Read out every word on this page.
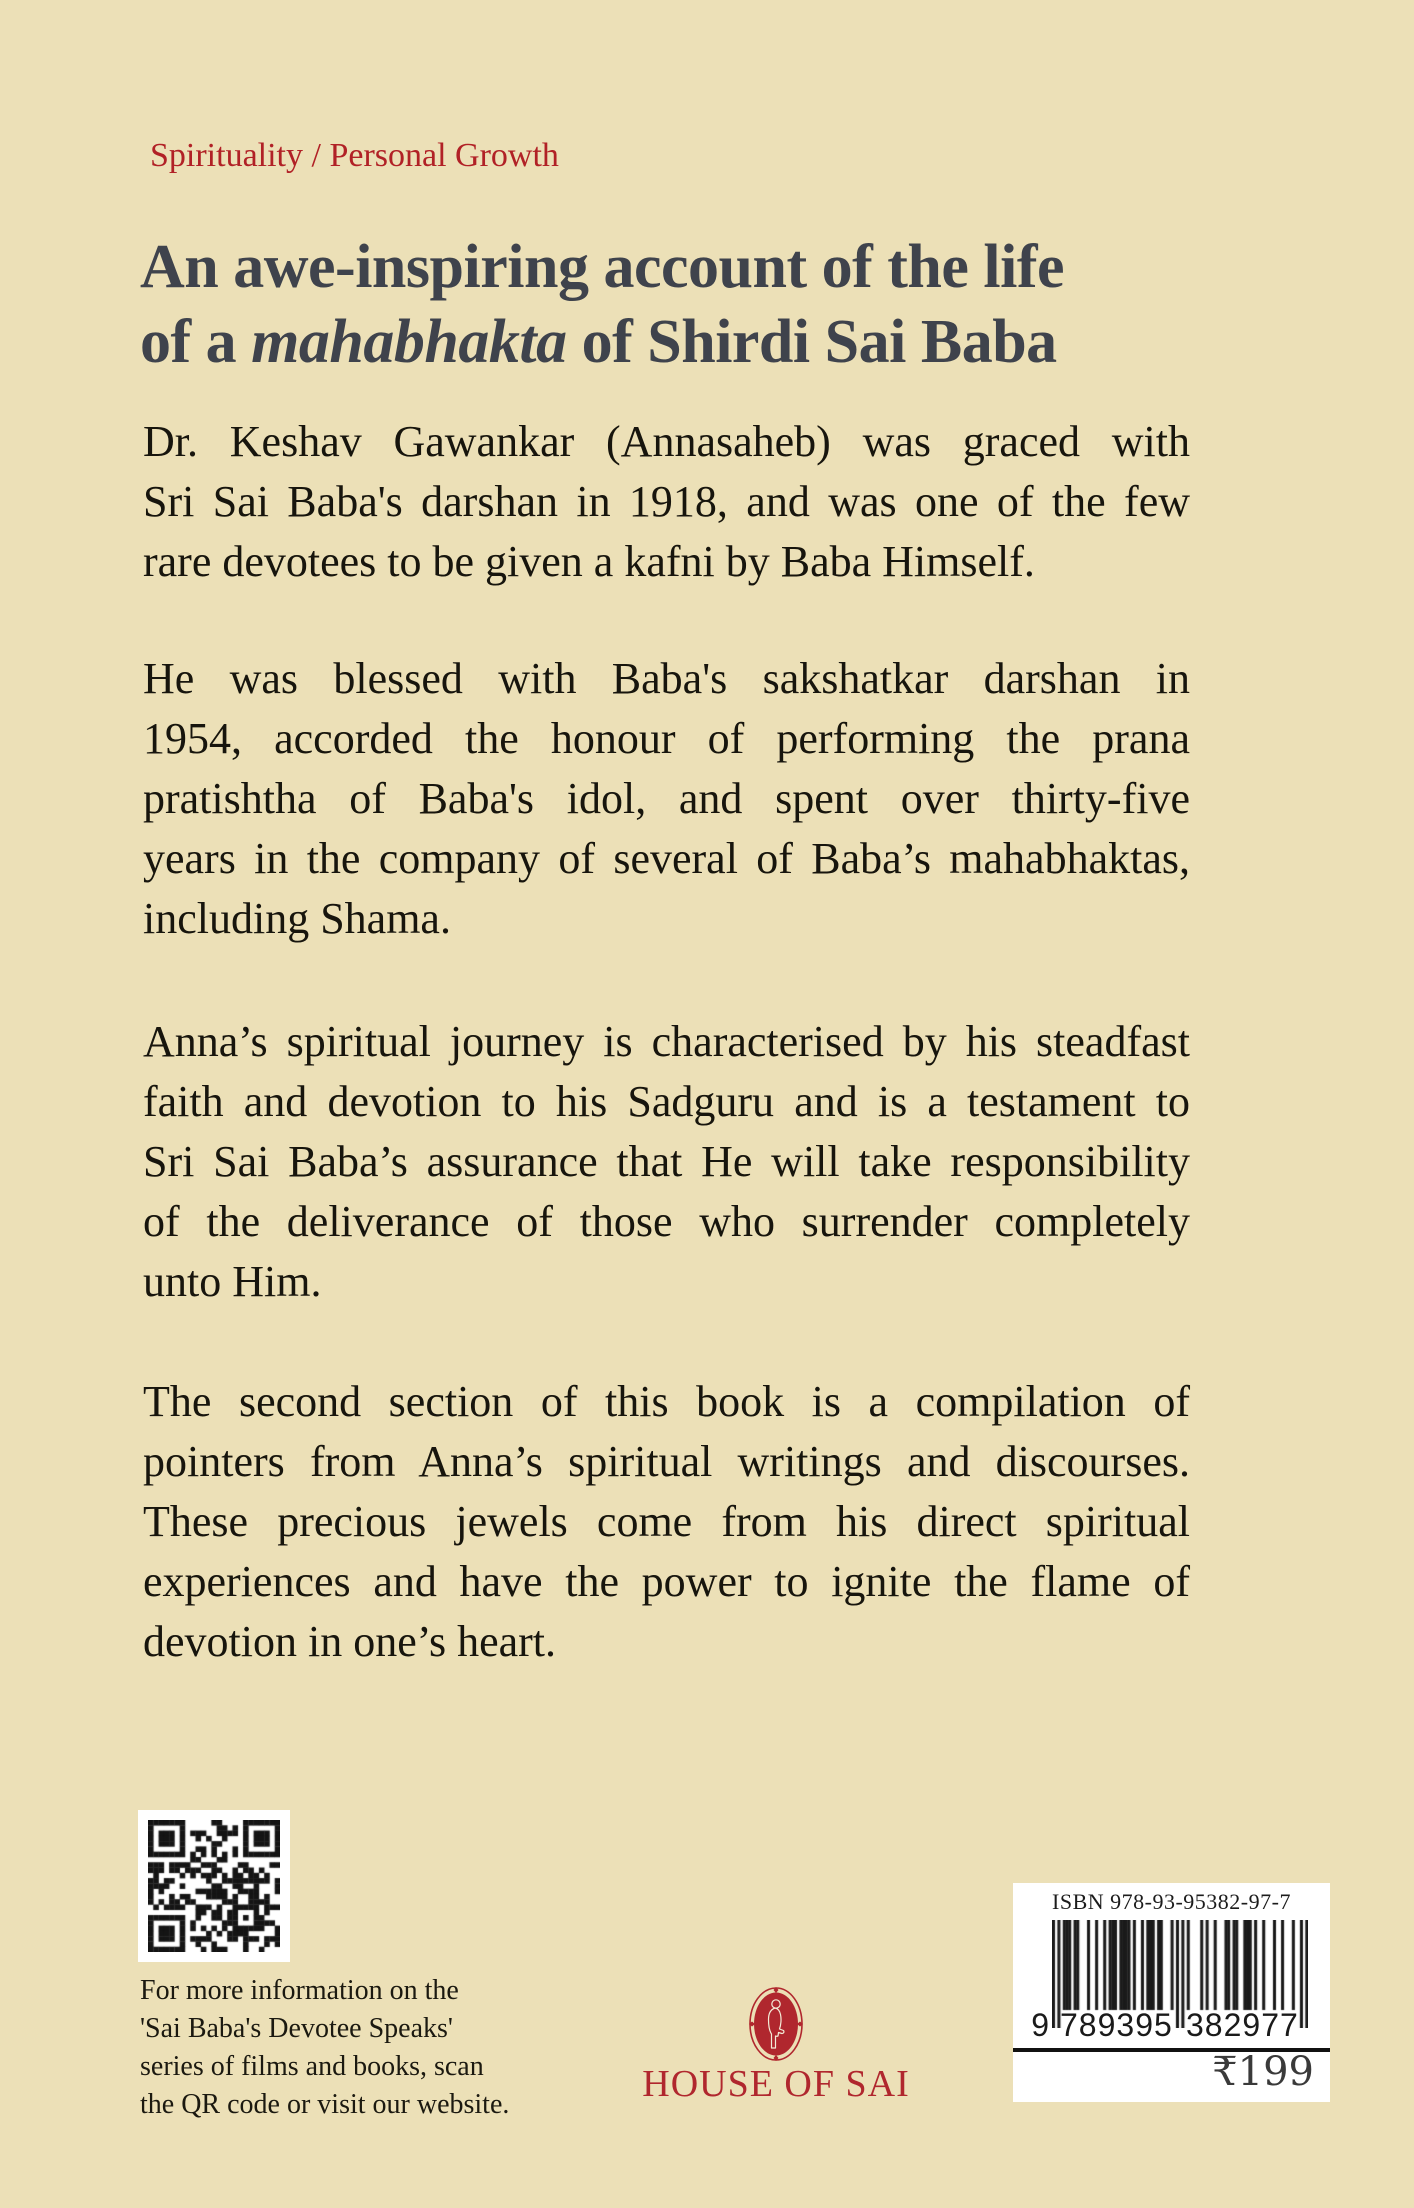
Spirituality / Personal Growth
An awe-inspiring account of the life
of a mahabhakta of Shirdi Sai Baba

Dr. Keshav Gawankar (Annasaheb) was graced with
Sri Sai Baba's darshan in 1918, and was one of the few
rare devotees to be given a kafni by Baba Himself.

He was blessed with Baba's sakshatkar darshan in
1954, accorded the honour of performing the prana
pratishtha of Baba's idol, and spent over thirty-five
years in the company of several of Baba’s mahabhaktas,
including Shama.

Anna’s spiritual journey is characterised by his steadfast
faith and devotion to his Sadguru and is a testament to
Sri Sai Baba’s assurance that He will take responsibility
of the deliverance of those who surrender completely
unto Him.

The second section of this book is a compilation of
pointers from Anna’s spiritual writings and discourses.
These precious jewels come from his direct spiritual
experiences and have the power to ignite the flame of
devotion in one’s heart.

For more information on the
'Sai Baba's Devotee Speaks'
series of films and books, scan
the QR code or visit our website.	HOUSE OF SAI
ISBN 978-93-95382-97-7
9 789395 382977
₹199
